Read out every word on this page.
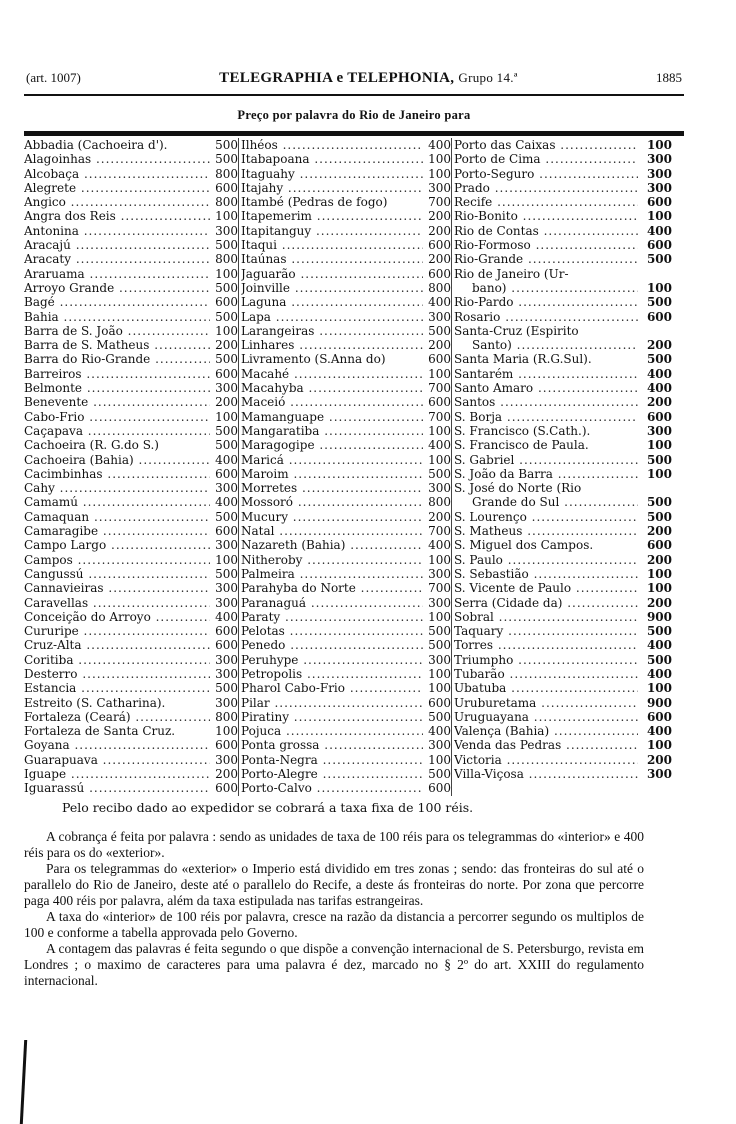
(art. 1007)	TELEGRAPHIA e TELEPHONIA, Grupo 14.ª	1885
Preço por palavra do Rio de Janeiro para
Abbadia (Cachoeira d').	500
Alagoinhas .....	500
Alcobaça .....	800
Alegrete .....	600
Angico .....	800
Angra dos Reis .....	100
Antonina .....	300
Aracajú .....	500
Aracaty .....	800
Araruama .....	100
Arroyo Grande .....	500
Bagé .....	600
Bahia .....	500
Barra de S. João .....	100
Barra de S. Matheus .....	200
Barra do Rio-Grande .....	500
Barreiros .....	600
Belmonte .....	300
Benevente .....	200
Cabo-Frio .....	100
Caçapava .....	500
Cachoeira (R. G.do S.)	500
Cachoeira (Bahia) .....	400
Cacimbinhas .....	600
Cahy .....	300
Camamú .....	400
Camaquan .....	500
Camaragibe .....	600
Campo Largo .....	300
Campos .....	100
Cangussú .....	500
Cannavieiras .....	300
Caravellas .....	300
Conceição do Arroyo .....	400
Cururipe .....	600
Cruz-Alta .....	600
Coritiba .....	300
Desterro .....	300
Estancia .....	500
Estreito (S. Catharina).	300
Fortaleza (Ceará) .....	800
Fortaleza de Santa Cruz.	100
Goyana .....	600
Guarapuava .....	300
Iguape .....	200
Iguarassú .....	600
Ilhéos .....	400
Itabapoana .....	100
Itaguahy .....	100
Itajahy .....	300
Itambé (Pedras de fogo)	700
Itapemerim .....	200
Itapitanguy .....	200
Itaqui .....	600
Itaúnas .....	200
Jaguarão .....	600
Joinville .....	800
Laguna .....	400
Lapa .....	300
Larangeiras .....	500
Linhares .....	200
Livramento (S.Anna do)	600
Macahé .....	100
Macahyba .....	700
Maceió .....	600
Mamanguape .....	700
Mangaratiba .....	100
Maragogipe .....	400
Maricá .....	100
Maroim .....	500
Morretes .....	300
Mossoró .....	800
Mucury .....	200
Natal .....	700
Nazareth (Bahia) .....	400
Nitheroby .....	100
Palmeira .....	300
Parahyba do Norte .....	700
Paranaguá .....	300
Paraty .....	100
Pelotas .....	500
Penedo .....	500
Peruhype .....	300
Petropolis .....	100
Pharol Cabo-Frio .....	100
Pilar .....	600
Piratiny .....	500
Pojuca .....	400
Ponta grossa .....	300
Ponta-Negra .....	100
Porto-Alegre .....	500
Porto-Calvo .....	600
Porto das Caixas .....	100
Porto de Cima .....	300
Porto-Seguro .....	300
Prado .....	300
Recife .....	600
Rio-Bonito .....	100
Rio de Contas .....	400
Rio-Formoso .....	600
Rio-Grande .....	500
Rio de Janeiro (Ur-
bano) .....	100
Rio-Pardo .....	500
Rosario .....	600
Santa-Cruz (Espirito
Santo) .....	200
Santa Maria (R.G.Sul).	500
Santarém .....	400
Santo Amaro .....	400
Santos .....	200
S. Borja .....	600
S. Francisco (S.Cath.).	300
S. Francisco de Paula.	100
S. Gabriel .....	500
S. João da Barra .....	100
S. José do Norte (Rio
Grande do Sul .....	500
S. Lourenço .....	500
S. Matheus .....	200
S. Miguel dos Campos.	600
S. Paulo .....	200
S. Sebastião .....	100
S. Vicente de Paulo .....	100
Serra (Cidade da) .....	200
Sobral .....	900
Taquary .....	500
Torres .....	400
Triumpho .....	500
Tubarão .....	400
Ubatuba .....	100
Uruburetama .....	900
Uruguayana .....	600
Valença (Bahia) .....	400
Venda das Pedras .....	100
Victoria .....	200
Villa-Viçosa .....	300
Pelo recibo dado ao expedidor se cobrará a taxa fixa de 100 réis.

A cobrança é feita por palavra : sendo as unidades de taxa de 100 réis para os telegrammas do «interior» e 400 réis para os do «exterior».

Para os telegrammas do «exterior» o Imperio está dividido em tres zonas ; sendo: das fronteiras do sul até o parallelo do Rio de Janeiro, deste até o parallelo do Recife, a deste ás fronteiras do norte. Por zona que percorre paga 400 réis por palavra, além da taxa estipulada nas tarifas estrangeiras.

A taxa do «interior» de 100 réis por palavra, cresce na razão da distancia a percorrer segundo os multiplos de 100 e conforme a tabella approvada pelo Governo.

A contagem das palavras é feita segundo o que dispõe a convenção internacional de S. Petersburgo, revista em Londres ; o maximo de caracteres para uma palavra é dez, marcado no § 2º do art. XXIII do regulamento internacional.
